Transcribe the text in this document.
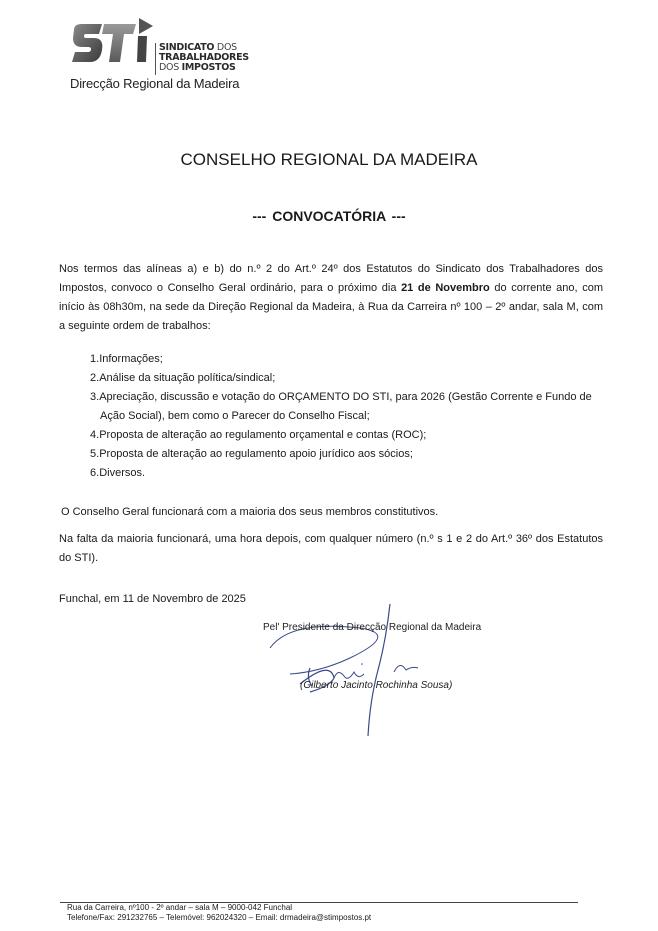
SINDICATO DOS
TRABALHADORES
DOS IMPOSTOS
Direcção Regional da Madeira
CONSELHO REGIONAL DA MADEIRA
--- CONVOCATÓRIA ---
Nos termos das alíneas a) e b) do n.º 2 do Art.º 24º dos Estatutos do Sindicato dos Trabalhadores dos Impostos, convoco o Conselho Geral ordinário, para o próximo dia 21 de Novembro do corrente ano, com início às 08h30m, na sede da Direção Regional da Madeira, à Rua da Carreira nº 100 – 2º andar, sala M, com a seguinte ordem de trabalhos:
1.Informações;
2.Análise da situação política/sindical;
3.Apreciação, discussão e votação do ORÇAMENTO DO STI, para 2026 (Gestão Corrente e Fundo de
Ação Social), bem como o Parecer do Conselho Fiscal;
4.Proposta de alteração ao regulamento orçamental e contas (ROC);
5.Proposta de alteração ao regulamento apoio jurídico aos sócios;
6.Diversos.
O Conselho Geral funcionará com a maioria dos seus membros constitutivos.
Na falta da maioria funcionará, uma hora depois, com qualquer número (n.º s 1 e 2 do Art.º 36º dos Estatutos do STI).
Funchal, em 11 de Novembro de 2025
Pel' Presidente da Direcção Regional da Madeira
(Gilberto Jacinto Rochinha Sousa)
Rua da Carreira, nº100 - 2º andar – sala M – 9000-042 Funchal
Telefone/Fax: 291232765 – Telemóvel: 962024320 – Email: drmadeira@stimpostos.pt
